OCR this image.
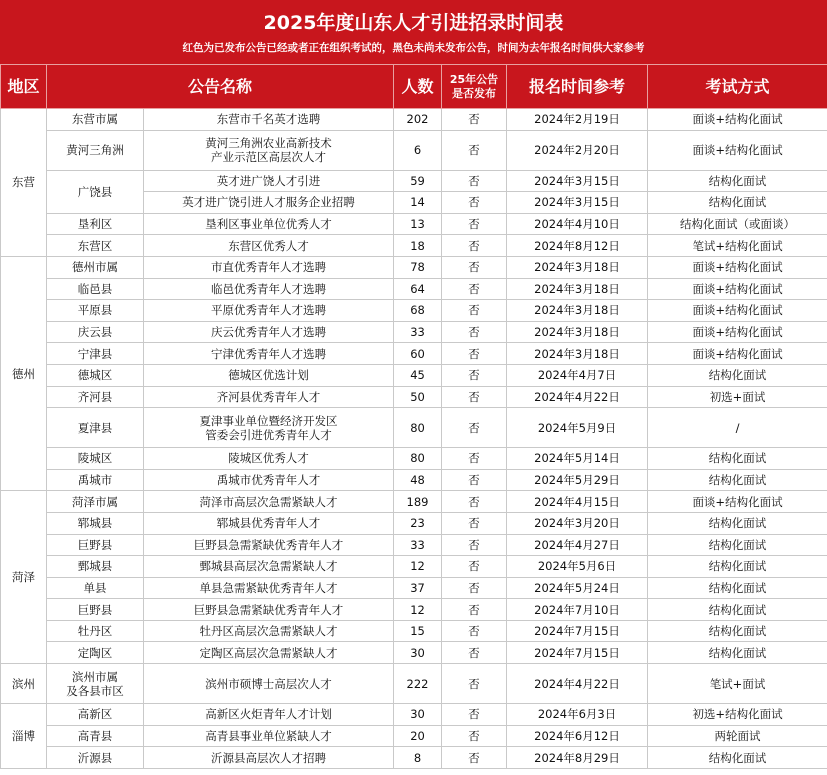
2025年度山东人才引进招录时间表
红色为已发布公告已经或者正在组织考试的，黑色未尚未发布公告，时间为去年报名时间供大家参考
地区	公告名称		人数	25年公告
是否发布	报名时间参考	考试方式
东营	东营市属	东营市千名英才选聘	202	否	2024年2月19日	面谈+结构化面试
	黄河三角洲	黄河三角洲农业高新技术
产业示范区高层次人才	6	否	2024年2月20日	面谈+结构化面试
	广饶县	英才进广饶人才引进	59	否	2024年3月15日	结构化面试
		英才进广饶引进人才服务企业招聘	14	否	2024年3月15日	结构化面试
	垦利区	垦利区事业单位优秀人才	13	否	2024年4月10日	结构化面试（或面谈）
	东营区	东营区优秀人才	18	否	2024年8月12日	笔试+结构化面试
德州	德州市属	市直优秀青年人才选聘	78	否	2024年3月18日	面谈+结构化面试
	临邑县	临邑优秀青年人才选聘	64	否	2024年3月18日	面谈+结构化面试
	平原县	平原优秀青年人才选聘	68	否	2024年3月18日	面谈+结构化面试
	庆云县	庆云优秀青年人才选聘	33	否	2024年3月18日	面谈+结构化面试
	宁津县	宁津优秀青年人才选聘	60	否	2024年3月18日	面谈+结构化面试
	德城区	德城区优选计划	45	否	2024年4月7日	结构化面试
	齐河县	齐河县优秀青年人才	50	否	2024年4月22日	初选+面试
	夏津县	夏津事业单位暨经济开发区
管委会引进优秀青年人才	80	否	2024年5月9日	/
	陵城区	陵城区优秀人才	80	否	2024年5月14日	结构化面试
	禹城市	禹城市优秀青年人才	48	否	2024年5月29日	结构化面试
菏泽	菏泽市属	菏泽市高层次急需紧缺人才	189	否	2024年4月15日	面谈+结构化面试
	郓城县	郓城县优秀青年人才	23	否	2024年3月20日	结构化面试
	巨野县	巨野县急需紧缺优秀青年人才	33	否	2024年4月27日	结构化面试
	鄄城县	鄄城县高层次急需紧缺人才	12	否	2024年5月6日	结构化面试
	单县	单县急需紧缺优秀青年人才	37	否	2024年5月24日	结构化面试
	巨野县	巨野县急需紧缺优秀青年人才	12	否	2024年7月10日	结构化面试
	牡丹区	牡丹区高层次急需紧缺人才	15	否	2024年7月15日	结构化面试
	定陶区	定陶区高层次急需紧缺人才	30	否	2024年7月15日	结构化面试
滨州	滨州市属
及各县市区	滨州市硕博士高层次人才	222	否	2024年4月22日	笔试+面试
淄博	高新区	高新区火炬青年人才计划	30	否	2024年6月3日	初选+结构化面试
	高青县	高青县事业单位紧缺人才	20	否	2024年6月12日	两轮面试
	沂源县	沂源县高层次人才招聘	8	否	2024年8月29日	结构化面试
